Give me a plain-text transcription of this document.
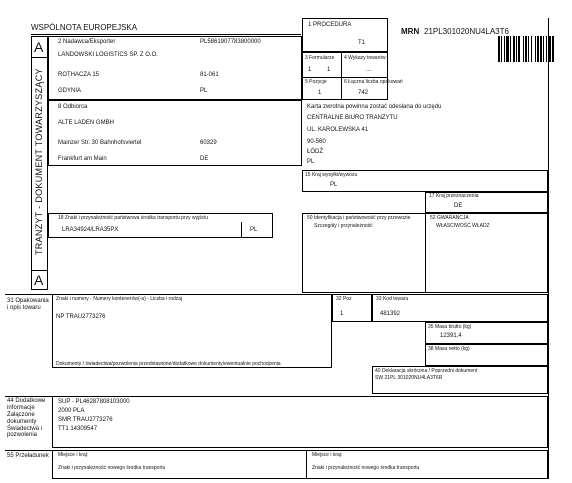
WSPÓLNOTA EUROPEJSKA	1 PROCEDURA
T1
MRN 21PL301020NU4LA3T6
A
A
TRANZYT - DOKUMENT TOWARZYSZĄCY
2 Nadawca/Eksporter	PL5861907783800000
LANDOWSKI LOGISTICS SP. Z O.O.
ROTHACZA 15	81-061
GDYNIA	PL
3 Formularze
1	1
4 Wykazy towarów
...
5 Pozycje
1
6 Łączna liczba opakowań
742
8 Odbiorca
ALTE LADEN GMBH
Mainzer Str. 30 Bahnhofsviertel	60329
Frankfurt am Main	DE
Karta zwrotna powinna zostać odesłana do urzędu
CENTRALNE BIURO TRANZYTU
UL. KAROLEWSKA 41
90-560
ŁÓDŹ
PL
15 Kraj wysyłki/wywozu
PL
17 Kraj przeznaczenia
DE
18 Znaki i przynależność państwowa środka transportu przy wyjściu
LRA34924/LRA35PX	PL
50 Identyfikacja i państwowość przy przewozie
Szczegóły i przynależność
52 GWARANCJA
WŁASCIWOŚĆ WŁADZ
31 Opakowania i opis towaru
Znaki i numery - Numery kontenerów(-a) - Liczba i rodzaj
NP TRAU2773276
Dokumenty / świadectwa/pozwolenia przedstawione/dodatkowe dokumenty/ewentualnie pochodzenia
32 Poz
1
33 Kod towaru
481392
35 Masa brutto (kg)
12391.4
38 Masa netto (kg)
40 Deklaracja skrócona / Poprzedni dokument
SW 21PL 301020NU4LA3T6R
44 Dodatkowe informacje Załączone dokumenty Świadectwa i pozwolenia
SUP - PL46287808103000
2000 PLA
SMR TRAU2773276
TT1 14309547
55 Przeładunek Miejsce i kraj:	Miejsce i kraj:
Znaki i przynależność nowego środka transportu	Znaki i przynależność nowego środka transportu
